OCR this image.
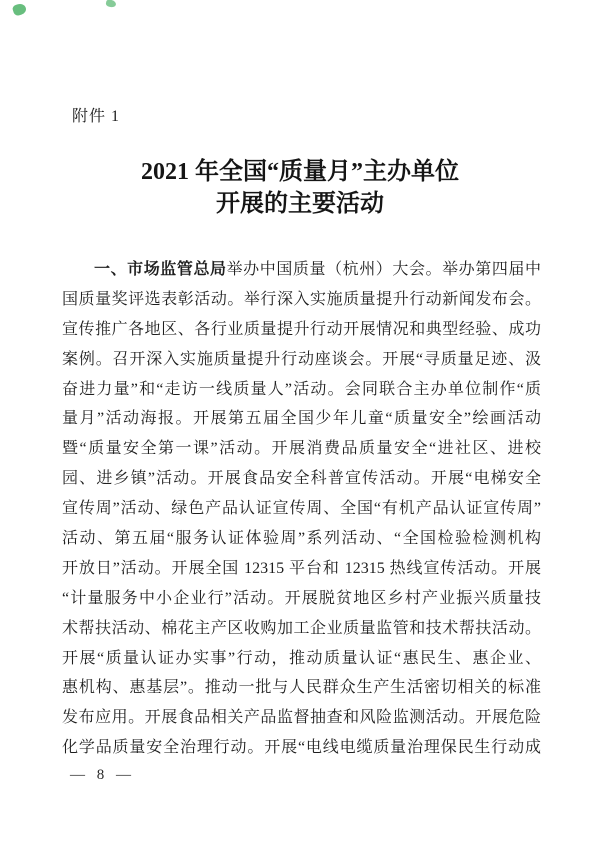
附件 1
2021 年全国“质量月”主办单位
开展的主要活动
一、市场监管总局举办中国质量（杭州）大会。举办第四届中
国质量奖评选表彰活动。举行深入实施质量提升行动新闻发布会。
宣传推广各地区、各行业质量提升行动开展情况和典型经验、成功
案例。召开深入实施质量提升行动座谈会。开展“寻质量足迹、汲
奋进力量”和“走访一线质量人”活动。会同联合主办单位制作“质
量月”活动海报。开展第五届全国少年儿童“质量安全”绘画活动
暨“质量安全第一课”活动。开展消费品质量安全“进社区、进校
园、进乡镇”活动。开展食品安全科普宣传活动。开展“电梯安全
宣传周”活动、绿色产品认证宣传周、全国“有机产品认证宣传周”
活动、第五届“服务认证体验周”系列活动、“全国检验检测机构
开放日”活动。开展全国 12315 平台和 12315 热线宣传活动。开展
“计量服务中小企业行”活动。开展脱贫地区乡村产业振兴质量技
术帮扶活动、棉花主产区收购加工企业质量监管和技术帮扶活动。
开展“质量认证办实事”行动，推动质量认证“惠民生、惠企业、
惠机构、惠基层”。推动一批与人民群众生产生活密切相关的标准
发布应用。开展食品相关产品监督抽查和风险监测活动。开展危险
化学品质量安全治理行动。开展“电线电缆质量治理保民生行动成
— 8 —
